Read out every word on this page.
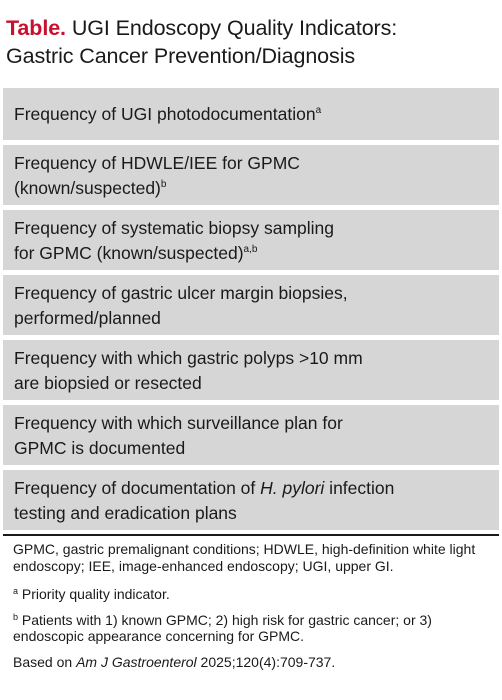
Table. UGI Endoscopy Quality Indicators:
Gastric Cancer Prevention/Diagnosis
Frequency of UGI photodocumentation$^a$
Frequency of HDWLE/IEE for GPMC
(known/suspected)$^b$
Frequency of systematic biopsy sampling
for GPMC (known/suspected)$^{a,b}$
Frequency of gastric ulcer margin biopsies,
performed/planned
Frequency with which gastric polyps >10 mm
are biopsied or resected
Frequency with which surveillance plan for
GPMC is documented
Frequency of documentation of H. pylori infection
testing and eradication plans

GPMC, gastric premalignant conditions; HDWLE, high-definition white light endoscopy; IEE, image-enhanced endoscopy; UGI, upper GI.

$^a$ Priority quality indicator.

$^b$ Patients with 1) known GPMC; 2) high risk for gastric cancer; or 3) endoscopic appearance concerning for GPMC.

Based on Am J Gastroenterol 2025;120(4):709-737.
